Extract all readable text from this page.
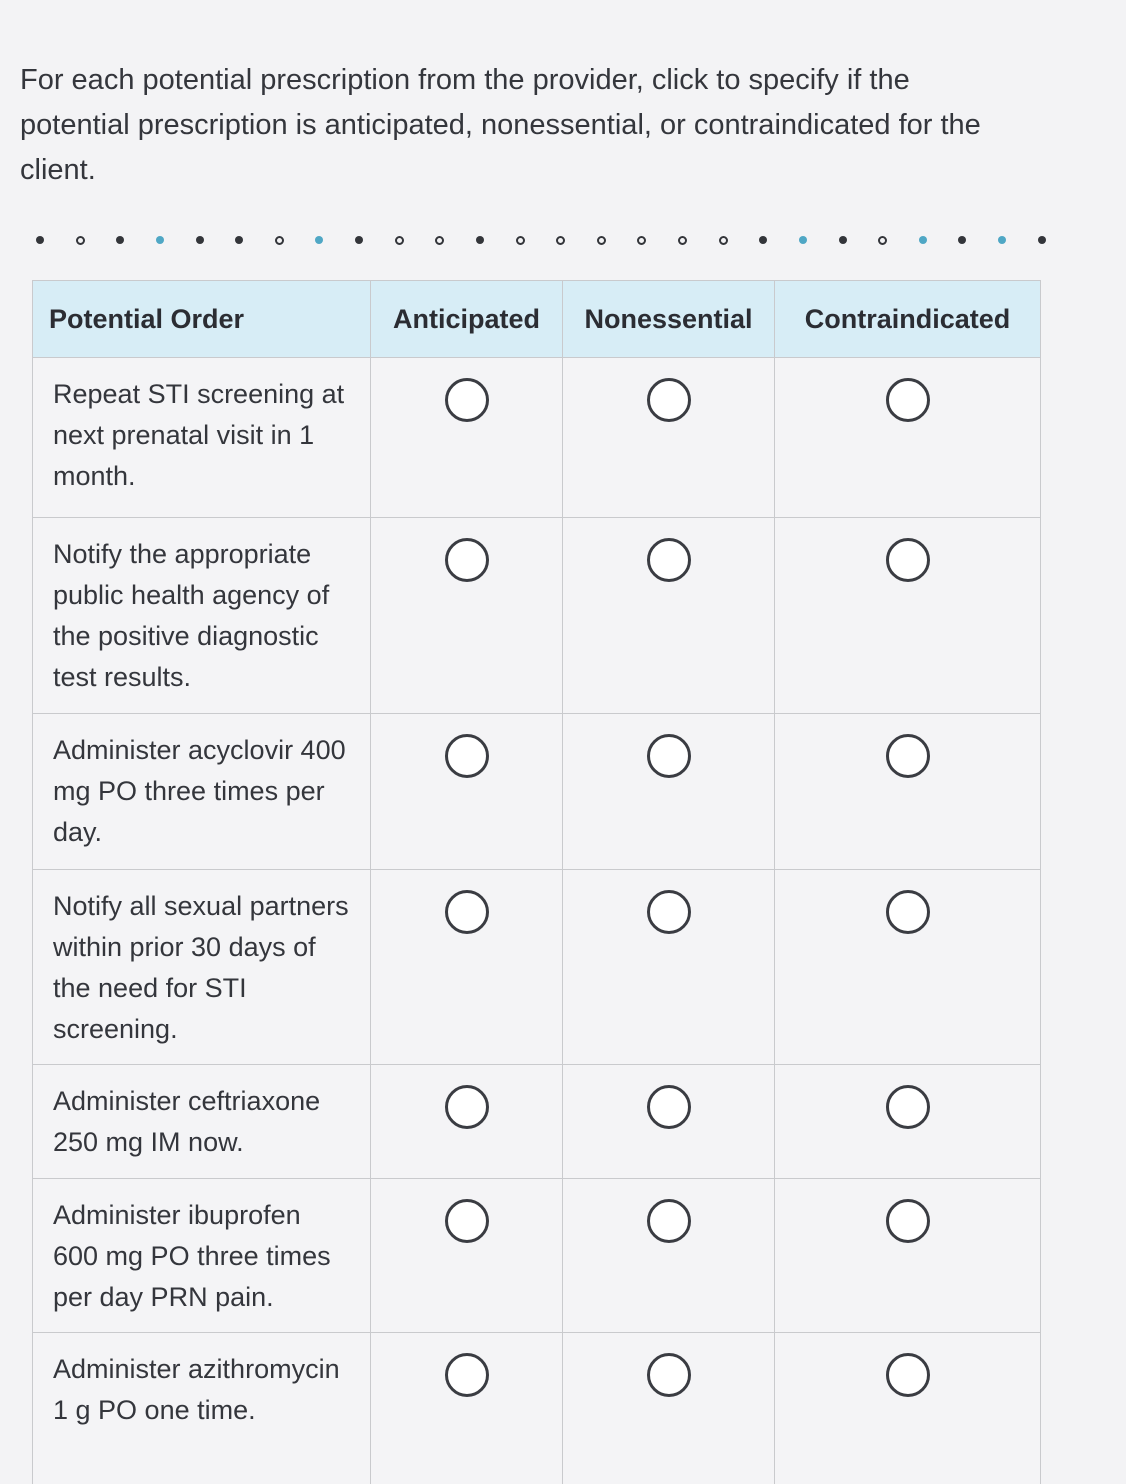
For each potential prescription from the provider, click to specify if the potential prescription is anticipated, nonessential, or contraindicated for the client.

Potential Order	Anticipated	Nonessential	Contraindicated
Repeat STI screening at next prenatal visit in 1 month.			
Notify the appropriate public health agency of the positive diagnostic test results.			
Administer acyclovir 400 mg PO three times per day.			
Notify all sexual partners within prior 30 days of the need for STI screening.			
Administer ceftriaxone 250 mg IM now.			
Administer ibuprofen 600 mg PO three times per day PRN pain.			
Administer azithromycin 1 g PO one time.			
